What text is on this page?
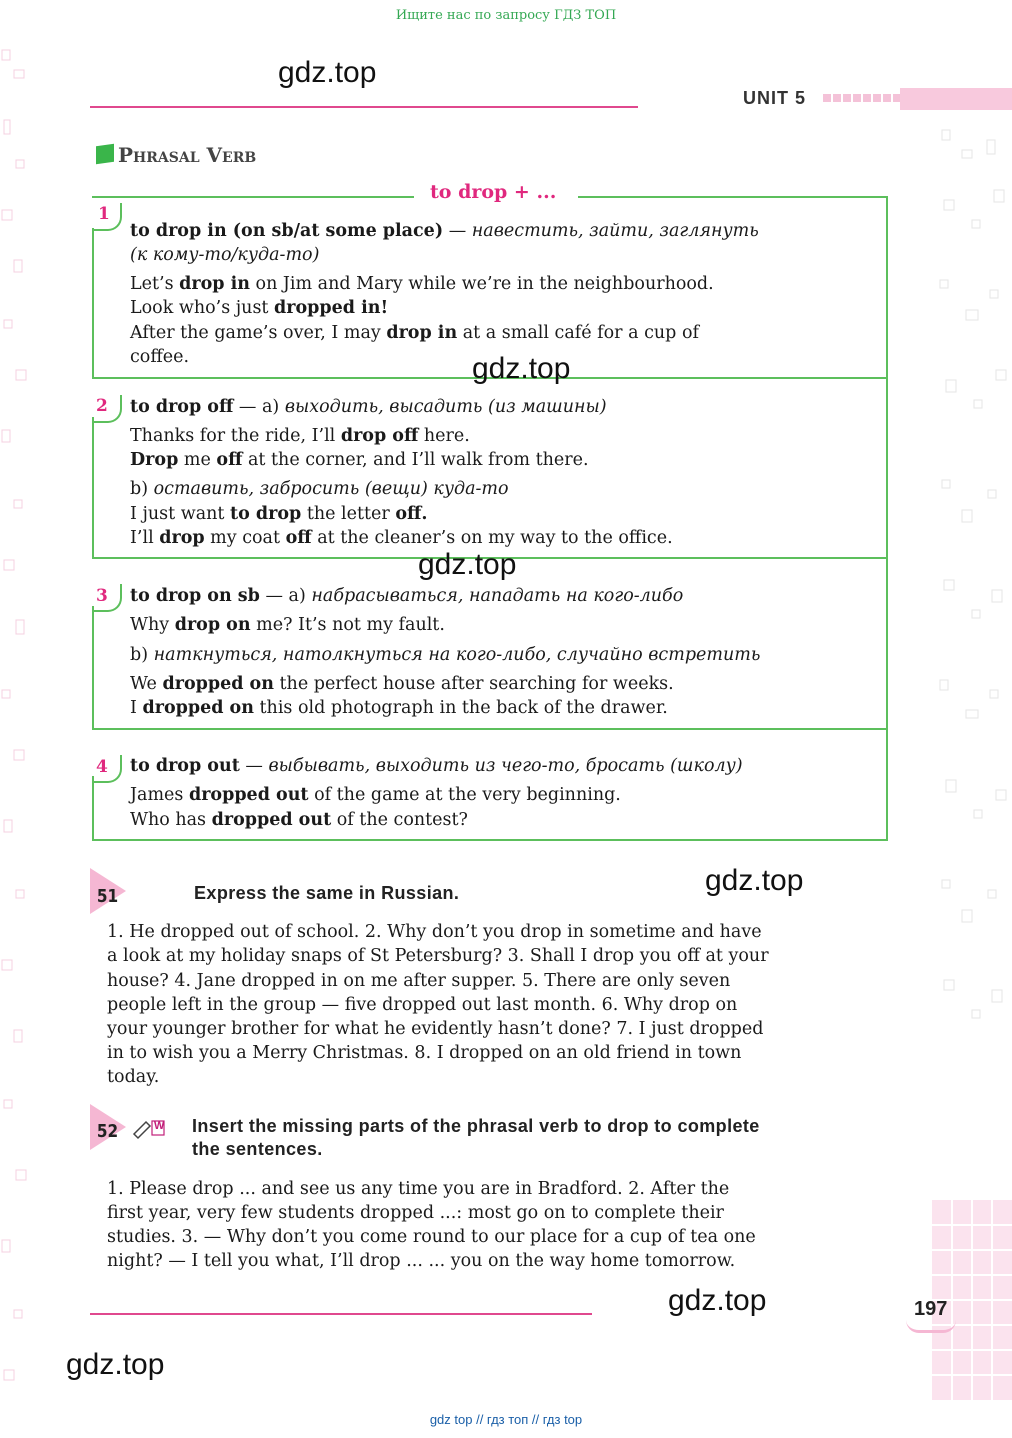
Ищите нас по запросу ГДЗ ТОП
gdz.top
UNIT 5
Phrasal Verb
to drop + ...
1
to drop in (on sb/at some place) — навестить, зайти, заглянуть
(к кому-то/куда-то)
Let’s drop in on Jim and Mary while we’re in the neighbourhood.
Look who’s just dropped in!
After the game’s over, I may drop in at a small café for a cup of
coffee.	gdz.top
2 to drop off — a) выходить, высадить (из машины)
Thanks for the ride, I’ll drop off here.
Drop me off at the corner, and I’ll walk from there.
b) оставить, забросить (вещи) куда-то
I just want to drop the letter off.
I’ll drop my coat off at the cleaner’s on my way to the office.
gdz.top
3 to drop on sb — a) набрасываться, нападать на кого-либо
Why drop on me? It’s not my fault.
b) наткнуться, натолкнуться на кого-либо, случайно встретить
We dropped on the perfect house after searching for weeks.
I dropped on this old photograph in the back of the drawer.
4 to drop out — выбывать, выходить из чего-то, бросать (школу)
James dropped out of the game at the very beginning.
Who has dropped out of the contest?
51	Express the same in Russian.	gdz.top
1. He dropped out of school. 2. Why don’t you drop in sometime and have
a look at my holiday snaps of St Petersburg? 3. Shall I drop you off at your
house? 4. Jane dropped in on me after supper. 5. There are only seven
people left in the group — five dropped out last month. 6. Why drop on
your younger brother for what he evidently hasn’t done? 7. I just dropped
in to wish you a Merry Christmas. 8. I dropped on an old friend in town
today.
52	W Insert the missing parts of the phrasal verb to drop to complete
the sentences.
1. Please drop ... and see us any time you are in Bradford. 2. After the
first year, very few students dropped ...: most go on to complete their
studies. 3. — Why don’t you come round to our place for a cup of tea one
night? — I tell you what, I’ll drop ... ... you on the way home tomorrow.
gdz.top	197
gdz.top
gdz top // гдз топ // гдз top
